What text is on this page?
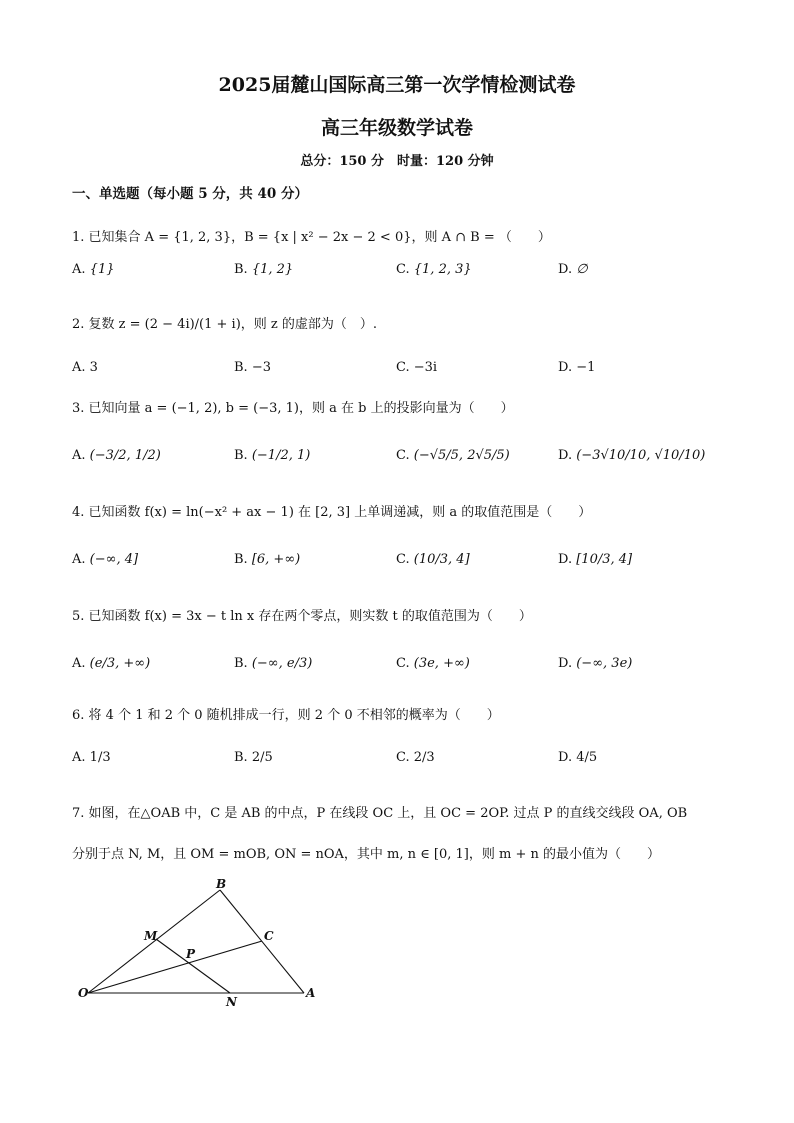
2025届麓山国际高三第一次学情检测试卷
高三年级数学试卷
总分：150 分　时量：120 分钟
一、单选题（每小题 5 分，共 40 分）
1. 已知集合 A = {1, 2, 3}，B = {x | x² − 2x − 2 < 0}，则 A ∩ B = （　　）
A. {1}	B. {1, 2}	C. {1, 2, 3}	D. ∅
2. 复数 z = (2 − 4i)/(1 + i)，则 z 的虚部为（　）.
A. 3	B. −3	C. −3i	D. −1
3. 已知向量 a = (−1, 2), b = (−3, 1)，则 a 在 b 上的投影向量为（　　）
A. (−3/2, 1/2)	B. (−1/2, 1)	C. (−√5/5, 2√5/5)	D. (−3√10/10, √10/10)
4. 已知函数 f(x) = ln(−x² + ax − 1) 在 [2, 3] 上单调递减，则 a 的取值范围是（　　）
A. (−∞, 4]	B. [6, +∞)	C. (10/3, 4]	D. [10/3, 4]
5. 已知函数 f(x) = 3x − t ln x 存在两个零点，则实数 t 的取值范围为（　　）
A. (e/3, +∞)	B. (−∞, e/3)	C. (3e, +∞)	D. (−∞, 3e)
6. 将 4 个 1 和 2 个 0 随机排成一行，则 2 个 0 不相邻的概率为（　　）
A. 1/3	B. 2/5	C. 2/3	D. 4/5
7. 如图，在△OAB 中，C 是 AB 的中点，P 在线段 OC 上，且 OC = 2OP. 过点 P 的直线交线段 OA, OB
分别于点 N, M，且 OM = mOB, ON = nOA，其中 m, n ∈ [0, 1]，则 m + n 的最小值为（　　）
B
M	C
P
O
N
A
